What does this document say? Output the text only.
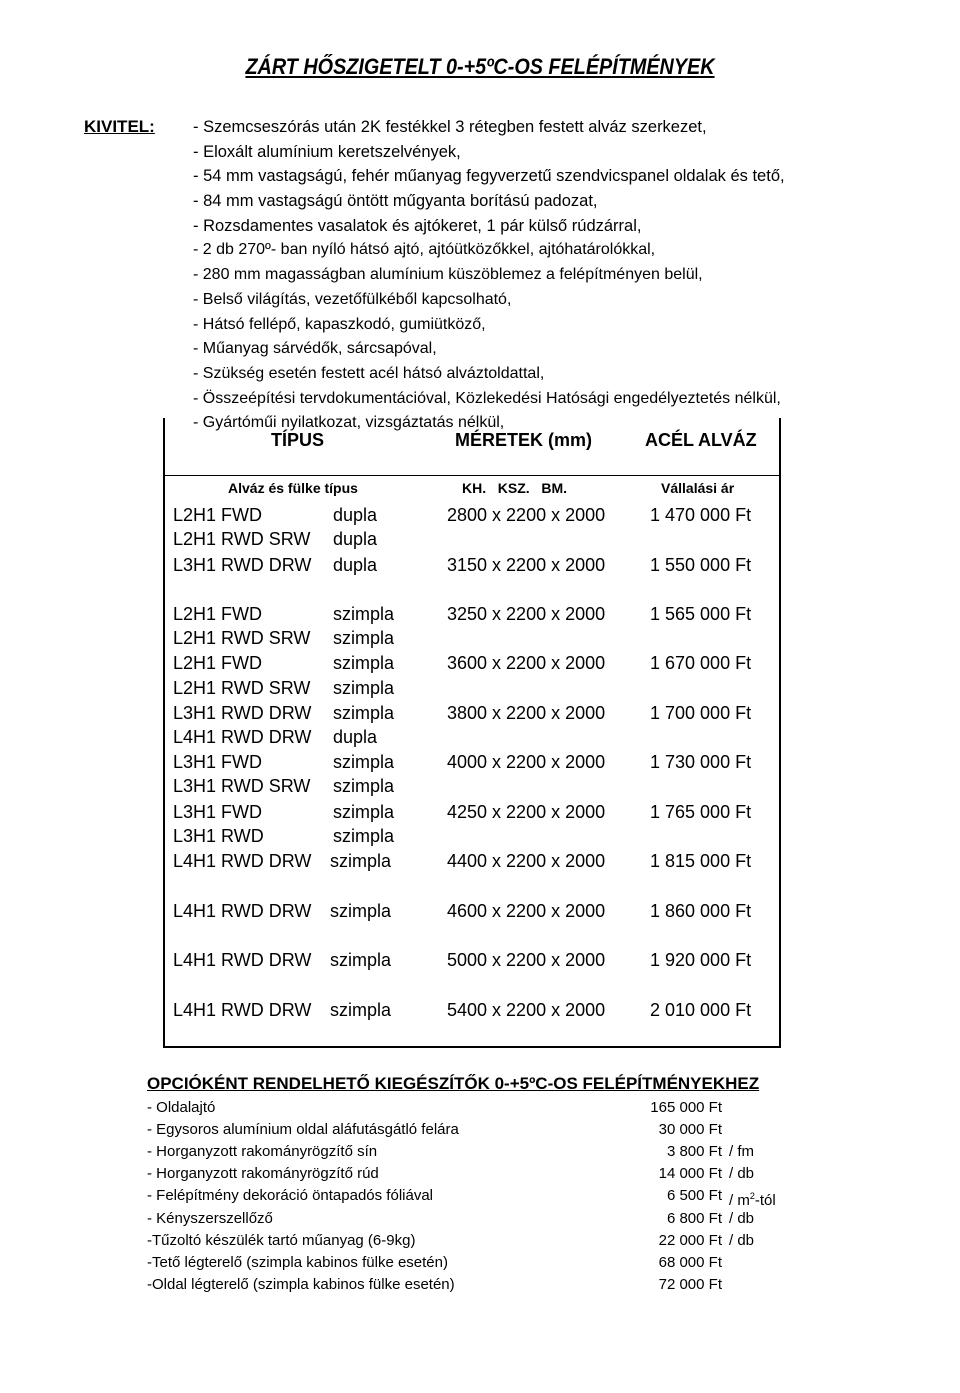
ZÁRT HŐSZIGETELT 0-+5ºC-OS FELÉPÍTMÉNYEK
KIVITEL: - Szemcseszórás után 2K festékkel 3 rétegben festett alváz szerkezet,
- Eloxált alumínium keretszelvények,
- 54 mm vastagságú, fehér műanyag fegyverzetű szendvicspanel oldalak és tető,
- 84 mm vastagságú öntött műgyanta borítású padozat,
- Rozsdamentes vasalatok és ajtókeret, 1 pár külső rúdzárral,
- 2 db 270º- ban nyíló hátsó ajtó, ajtóütközőkkel, ajtóhatárolókkal,
- 280 mm magasságban alumínium küszöblemez a felépítményen belül,
- Belső világítás, vezetőfülkéből kapcsolható,
- Hátsó fellépő, kapaszkodó, gumiütköző,
- Műanyag sárvédők, sárcsapóval,
- Szükség esetén festett acél hátsó alváztoldattal,
- Összeépítési tervdokumentációval, Közlekedési Hatósági engedélyeztetés nélkül,
- Gyártóműi nyilatkozat, vizsgáztatás nélkül,
TÍPUS	MÉRETEK (mm)	ACÉL ALVÁZ
Alváz és fülke típus	KH.   KSZ.   BM.	Vállalási ár
L2H1 FWD	dupla	2800 x 2200 x 2000 1 470 000 Ft
L2H1 RWD SRW dupla
L3H1 RWD DRW dupla	3150 x 2200 x 2000 1 550 000 Ft
L2H1 FWD	szimpla	3250 x 2200 x 2000 1 565 000 Ft
L2H1 RWD SRW szimpla
L2H1 FWD	szimpla	3600 x 2200 x 2000 1 670 000 Ft
L2H1 RWD SRW szimpla
L3H1 RWD DRW szimpla	3800 x 2200 x 2000 1 700 000 Ft
L4H1 RWD DRW dupla
L3H1 FWD	szimpla	4000 x 2200 x 2000 1 730 000 Ft
L3H1 RWD SRW szimpla
L3H1 FWD	szimpla	4250 x 2200 x 2000 1 765 000 Ft
L3H1 RWD	szimpla
L4H1 RWD DRW szimpla	4400 x 2200 x 2000 1 815 000 Ft
L4H1 RWD DRW szimpla	4600 x 2200 x 2000 1 860 000 Ft
L4H1 RWD DRW szimpla	5000 x 2200 x 2000 1 920 000 Ft
L4H1 RWD DRW szimpla	5400 x 2200 x 2000 2 010 000 Ft
OPCIÓKÉNT RENDELHETŐ KIEGÉSZÍTŐK 0-+5ºC-OS FELÉPÍTMÉNYEKHEZ
- Oldalajtó	165 000 Ft
- Egysoros alumínium oldal aláfutásgátló felára	30 000 Ft
- Horganyzott rakományrögzítő sín	3 800 Ft / fm
- Horganyzott rakományrögzítő rúd	14 000 Ft / db
- Felépítmény dekoráció öntapadós fóliával	6 500 Ft / $m^2$-tól
- Kényszerszellőző	6 800 Ft / db
-Tűzoltó készülék tartó műanyag (6-9kg)	22 000 Ft / db
-Tető légterelő (szimpla kabinos fülke esetén)	68 000 Ft
-Oldal légterelő (szimpla kabinos fülke esetén)	72 000 Ft
